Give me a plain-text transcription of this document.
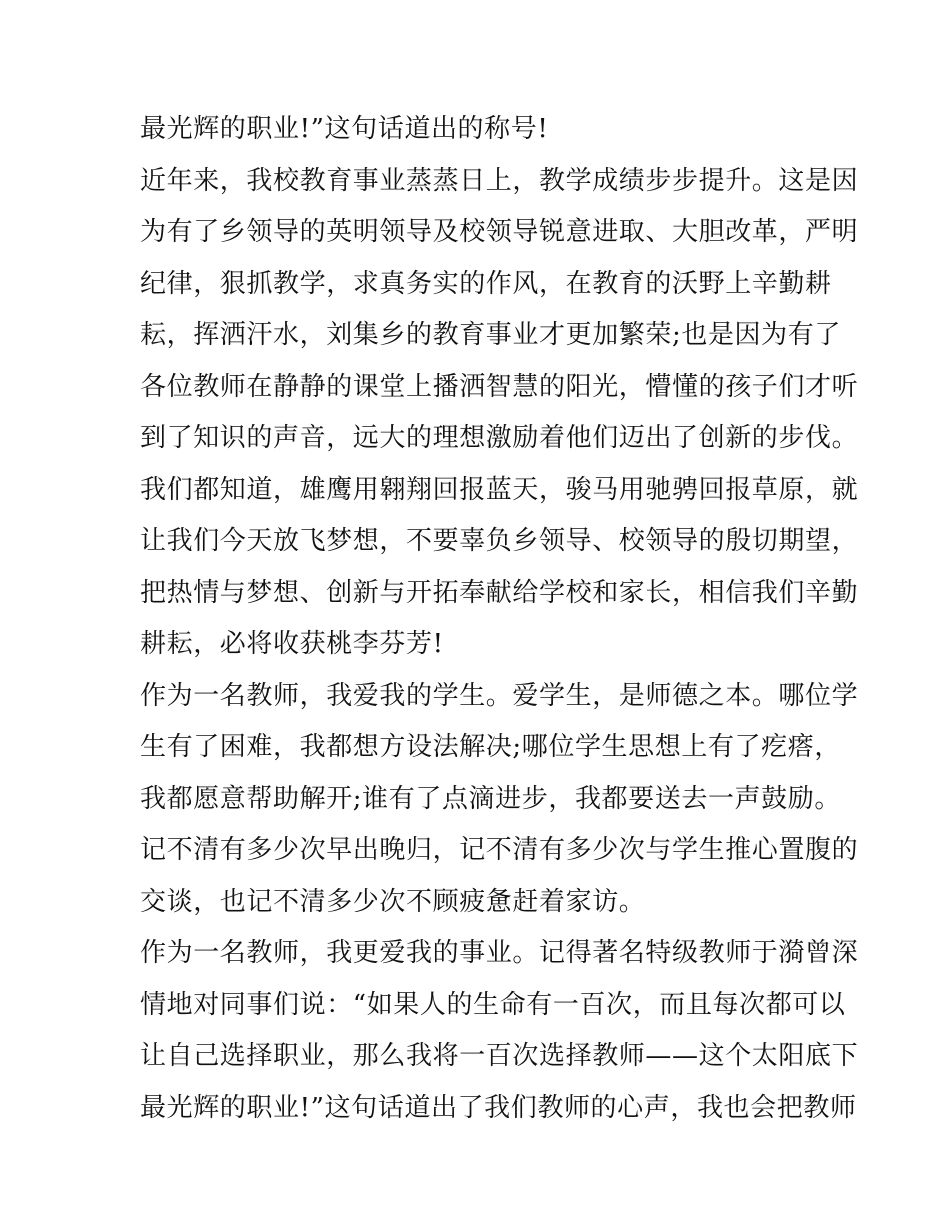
最光辉的职业!”这句话道出的称号!
近年来，我校教育事业蒸蒸日上，教学成绩步步提升。这是因
为有了乡领导的英明领导及校领导锐意进取、大胆改革，严明
纪律，狠抓教学，求真务实的作风，在教育的沃野上辛勤耕
耘，挥洒汗水，刘集乡的教育事业才更加繁荣;也是因为有了
各位教师在静静的课堂上播洒智慧的阳光，懵懂的孩子们才听
到了知识的声音，远大的理想激励着他们迈出了创新的步伐。
我们都知道，雄鹰用翱翔回报蓝天，骏马用驰骋回报草原，就
让我们今天放飞梦想，不要辜负乡领导、校领导的殷切期望，
把热情与梦想、创新与开拓奉献给学校和家长，相信我们辛勤
耕耘，必将收获桃李芬芳!
作为一名教师，我爱我的学生。爱学生，是师德之本。哪位学
生有了困难，我都想方设法解决;哪位学生思想上有了疙瘩，
我都愿意帮助解开;谁有了点滴进步，我都要送去一声鼓励。
记不清有多少次早出晚归，记不清有多少次与学生推心置腹的
交谈，也记不清多少次不顾疲惫赶着家访。
作为一名教师，我更爱我的事业。记得著名特级教师于漪曾深
情地对同事们说：“如果人的生命有一百次，而且每次都可以
让自己选择职业，那么我将一百次选择教师——这个太阳底下
最光辉的职业!”这句话道出了我们教师的心声，我也会把教师
